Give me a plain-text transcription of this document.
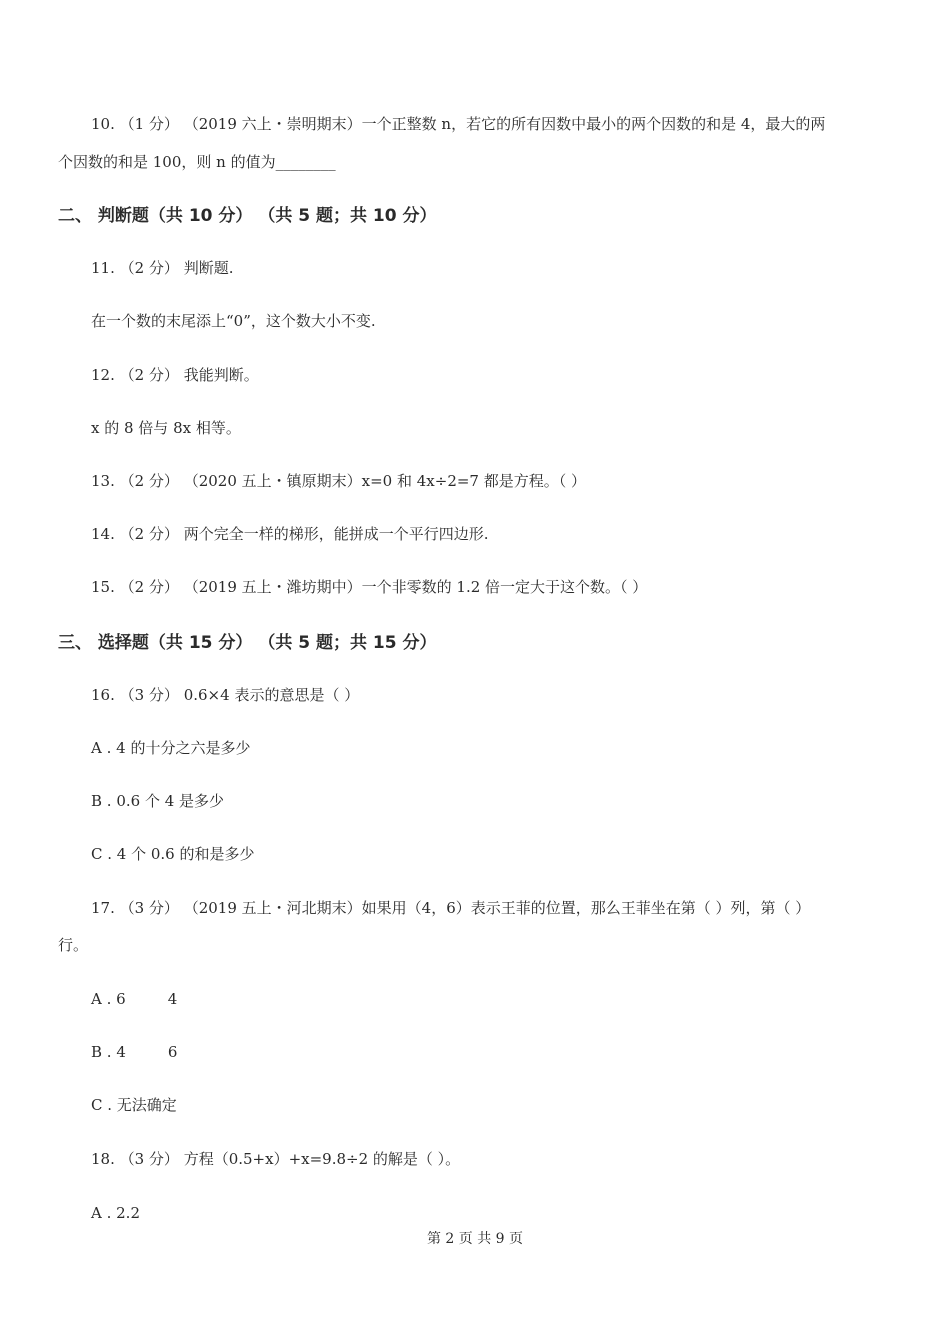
10. （1 分） （2019 六上・崇明期末）一个正整数 n，若它的所有因数中最小的两个因数的和是 4，最大的两
个因数的和是 100，则 n 的值为________
二、 判断题（共 10 分） （共 5 题；共 10 分）
11. （2 分） 判断题.
在一个数的末尾添上“0”，这个数大小不变.
12. （2 分） 我能判断。
x 的 8 倍与 8x 相等。
13. （2 分） （2020 五上・镇原期末）x=0 和 4x÷2=7 都是方程。（ ）
14. （2 分） 两个完全一样的梯形，能拼成一个平行四边形.
15. （2 分） （2019 五上・潍坊期中）一个非零数的 1.2 倍一定大于这个数。（ ）
三、 选择题（共 15 分） （共 5 题；共 15 分）
16. （3 分） 0.6×4 表示的意思是（ ）
A . 4 的十分之六是多少
B . 0.6 个 4 是多少
C . 4 个 0.6 的和是多少
17. （3 分） （2019 五上・河北期末）如果用（4，6）表示王菲的位置，那么王菲坐在第（ ）列，第（ ）
行。
A . 6	4
B . 4	6
C . 无法确定
18. （3 分） 方程（0.5+x）+x=9.8÷2 的解是（ ）。
A . 2.2
第 2 页 共 9 页
